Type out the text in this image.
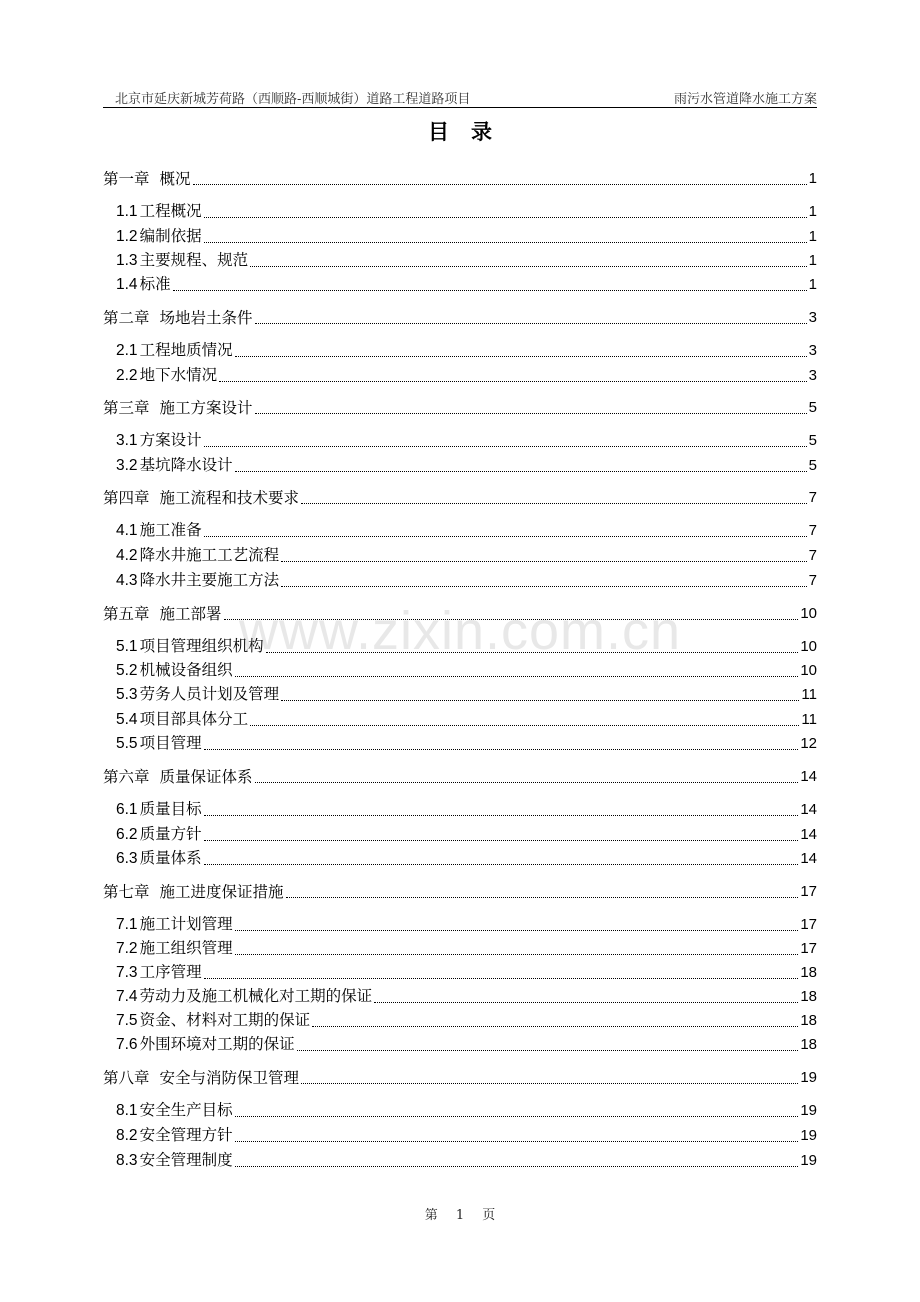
北京市延庆新城芳荷路（西顺路-西顺城街）道路工程道路项目	雨污水管道降水施工方案
目录
第一章 概况	1
1.1 工程概况	1
1.2 编制依据	1
1.3 主要规程、规范	1
1.4 标准	1
第二章 场地岩土条件	3
2.1 工程地质情况	3
2.2 地下水情况	3
第三章 施工方案设计	5
3.1 方案设计	5
3.2 基坑降水设计	5
第四章 施工流程和技术要求	7
4.1 施工准备	7
4.2 降水井施工工艺流程	7
4.3 降水井主要施工方法	7
第五章 施工部署	10
5.1 项目管理组织机构	10
5.2 机械设备组织	10
5.3 劳务人员计划及管理	11
5.4 项目部具体分工	11
5.5 项目管理	12
第六章 质量保证体系	14
6.1 质量目标	14
6.2 质量方针	14
6.3 质量体系	14
第七章 施工进度保证措施	17
7.1 施工计划管理	17
7.2 施工组织管理	17
7.3 工序管理	18
7.4 劳动力及施工机械化对工期的保证	18
7.5 资金、材料对工期的保证	18
7.6 外围环境对工期的保证	18
第八章 安全与消防保卫管理	19
8.1 安全生产目标	19
8.2 安全管理方针	19
8.3 安全管理制度	19
www.zixin.com.cn
第 1 页
